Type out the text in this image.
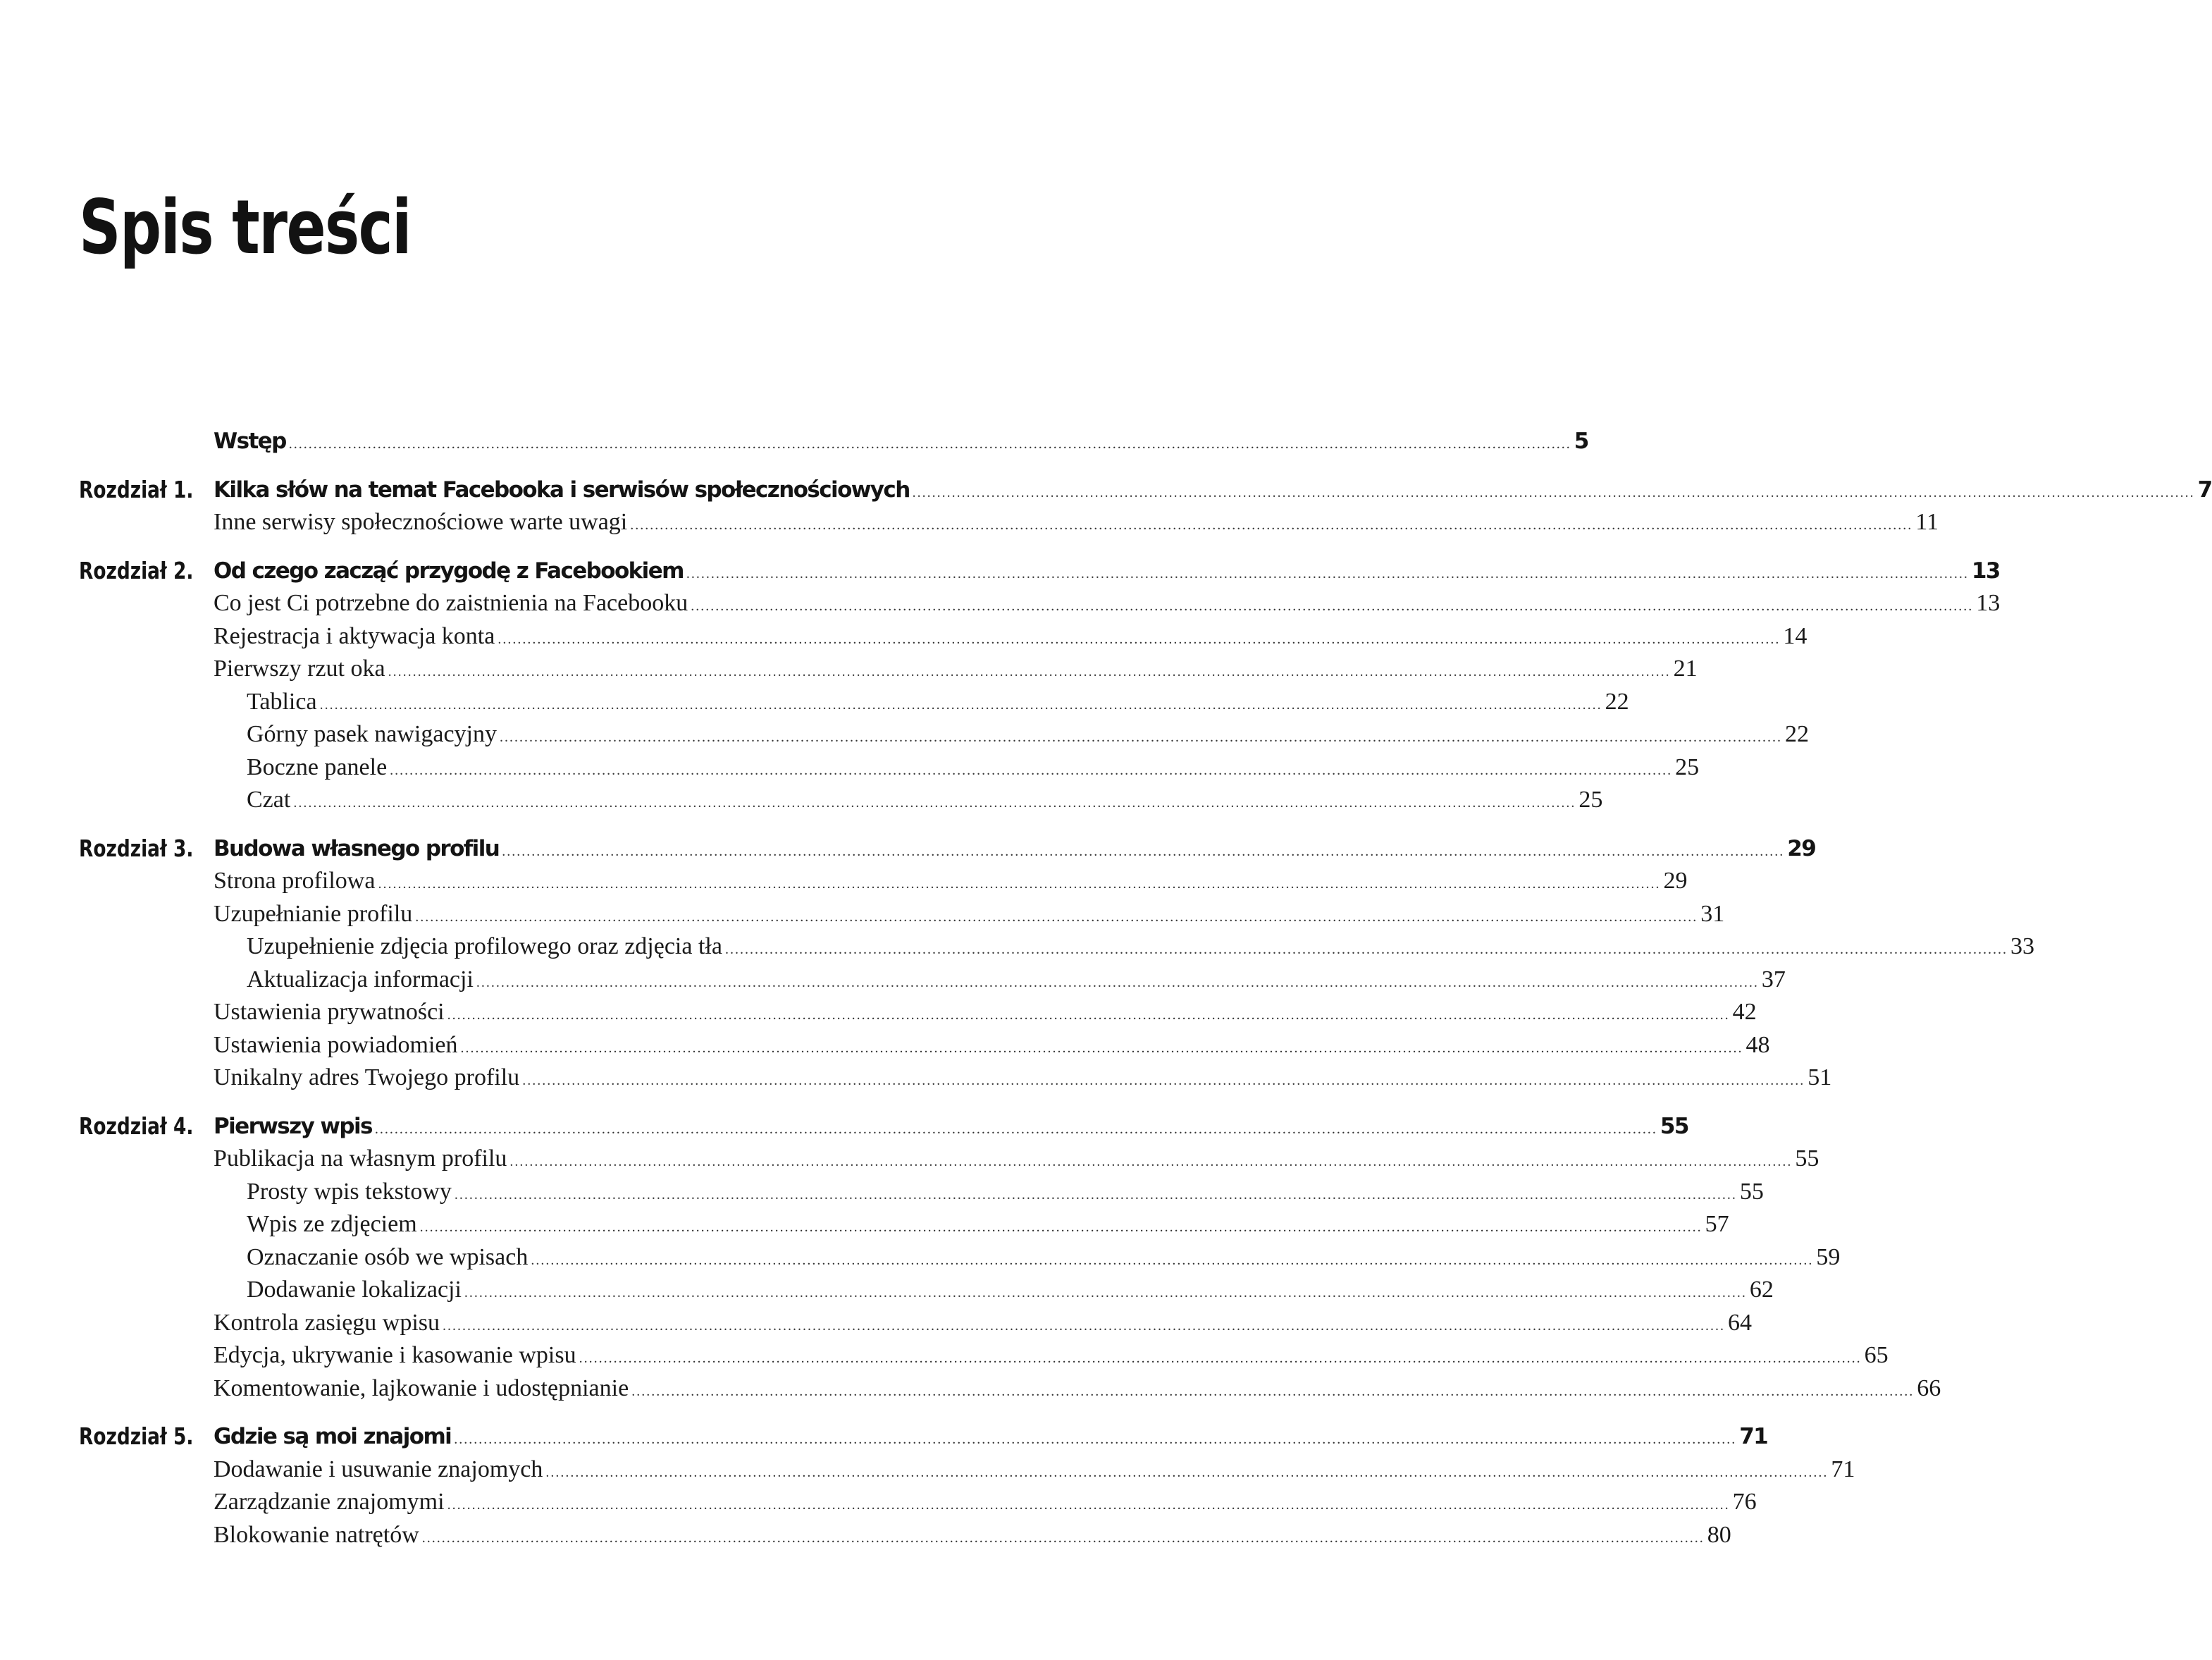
Spis treści
Wstęp .................................................................................................................................................................................................................................................................... 5
Rozdział 1. Kilka słów na temat Facebooka i serwisów społecznościowych .................................................................................................................................................................................................................................................................... 7
Inne serwisy społecznościowe warte uwagi .................................................................................................................................................................................................................................................................... 11
Rozdział 2. Od czego zacząć przygodę z Facebookiem .................................................................................................................................................................................................................................................................... 13
Co jest Ci potrzebne do zaistnienia na Facebooku .................................................................................................................................................................................................................................................................... 13
Rejestracja i aktywacja konta .................................................................................................................................................................................................................................................................... 14
Pierwszy rzut oka .................................................................................................................................................................................................................................................................... 21
Tablica .................................................................................................................................................................................................................................................................... 22
Górny pasek nawigacyjny .................................................................................................................................................................................................................................................................... 22
Boczne panele .................................................................................................................................................................................................................................................................... 25
Czat .................................................................................................................................................................................................................................................................... 25
Rozdział 3. Budowa własnego profilu .................................................................................................................................................................................................................................................................... 29
Strona profilowa .................................................................................................................................................................................................................................................................... 29
Uzupełnianie profilu .................................................................................................................................................................................................................................................................... 31
Uzupełnienie zdjęcia profilowego oraz zdjęcia tła .................................................................................................................................................................................................................................................................... 33
Aktualizacja informacji .................................................................................................................................................................................................................................................................... 37
Ustawienia prywatności .................................................................................................................................................................................................................................................................... 42
Ustawienia powiadomień .................................................................................................................................................................................................................................................................... 48
Unikalny adres Twojego profilu .................................................................................................................................................................................................................................................................... 51
Rozdział 4. Pierwszy wpis .................................................................................................................................................................................................................................................................... 55
Publikacja na własnym profilu .................................................................................................................................................................................................................................................................... 55
Prosty wpis tekstowy .................................................................................................................................................................................................................................................................... 55
Wpis ze zdjęciem .................................................................................................................................................................................................................................................................... 57
Oznaczanie osób we wpisach .................................................................................................................................................................................................................................................................... 59
Dodawanie lokalizacji .................................................................................................................................................................................................................................................................... 62
Kontrola zasięgu wpisu .................................................................................................................................................................................................................................................................... 64
Edycja, ukrywanie i kasowanie wpisu .................................................................................................................................................................................................................................................................... 65
Komentowanie, lajkowanie i udostępnianie .................................................................................................................................................................................................................................................................... 66
Rozdział 5. Gdzie są moi znajomi .................................................................................................................................................................................................................................................................... 71
Dodawanie i usuwanie znajomych .................................................................................................................................................................................................................................................................... 71
Zarządzanie znajomymi .................................................................................................................................................................................................................................................................... 76
Blokowanie natrętów .................................................................................................................................................................................................................................................................... 80
